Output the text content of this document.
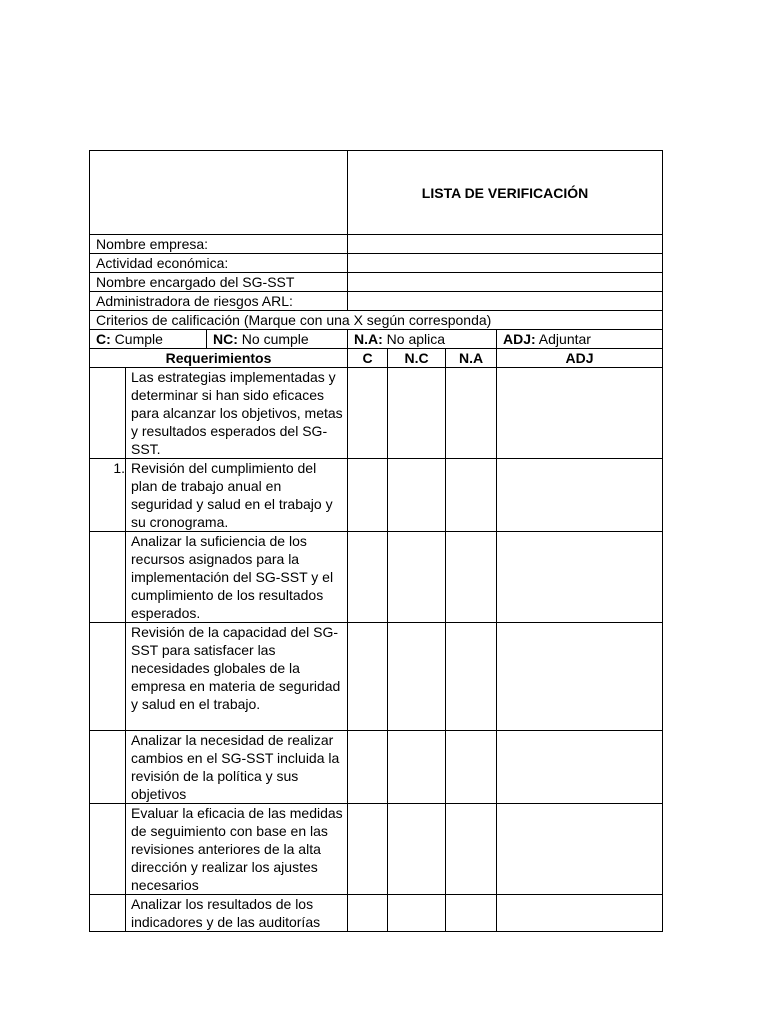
			LISTA DE VERIFICACIÓN			
Nombre empresa:						
Actividad económica:						
Nombre encargado del SG-SST						
Administradora de riesgos ARL:						
Criterios de calificación (Marque con una X según corresponda)						
C: Cumple		NC: No cumple	N.A: No aplica			ADJ: Adjuntar
Requerimientos			C	N.C	N.A	ADJ
	Las estrategias implementadas y determinar si han sido eficaces para alcanzar los objetivos, metas y resultados esperados del SG-SST.					
1.	Revisión del cumplimiento del plan de trabajo anual en seguridad y salud en el trabajo y su cronograma.					
	Analizar la suficiencia de los recursos asignados para la implementación del SG-SST y el cumplimiento de los resultados esperados.					
	Revisión de la capacidad del SG-SST para satisfacer las necesidades globales de la empresa en materia de seguridad y salud en el trabajo.					
	Analizar la necesidad de realizar cambios en el SG-SST incluida la revisión de la política y sus objetivos					
	Evaluar la eficacia de las medidas de seguimiento con base en las revisiones anteriores de la alta dirección y realizar los ajustes necesarios					
	Analizar los resultados de los indicadores y de las auditorías					
